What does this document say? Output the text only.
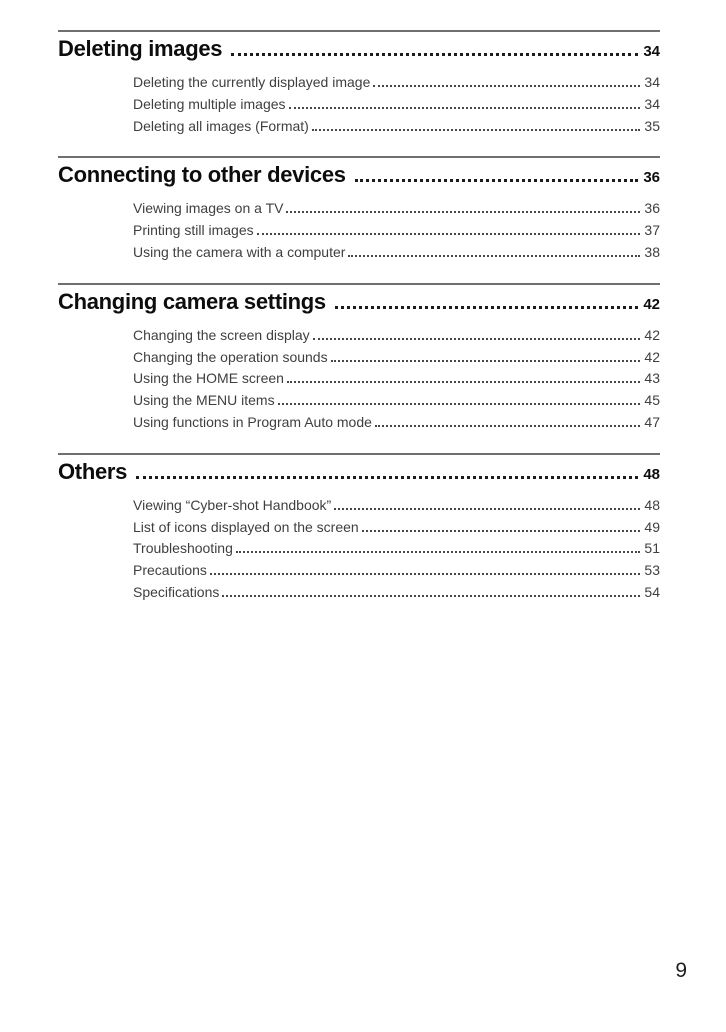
Deleting images	34
Deleting the currently displayed image	34
Deleting multiple images	34
Deleting all images (Format)	35
Connecting to other devices	36
Viewing images on a TV	36
Printing still images	37
Using the camera with a computer	38
Changing camera settings	42
Changing the screen display	42
Changing the operation sounds	42
Using the HOME screen	43
Using the MENU items	45
Using functions in Program Auto mode	47
Others	48
Viewing “Cyber-shot Handbook”	48
List of icons displayed on the screen	49
Troubleshooting	51
Precautions	53
Specifications	54
9
